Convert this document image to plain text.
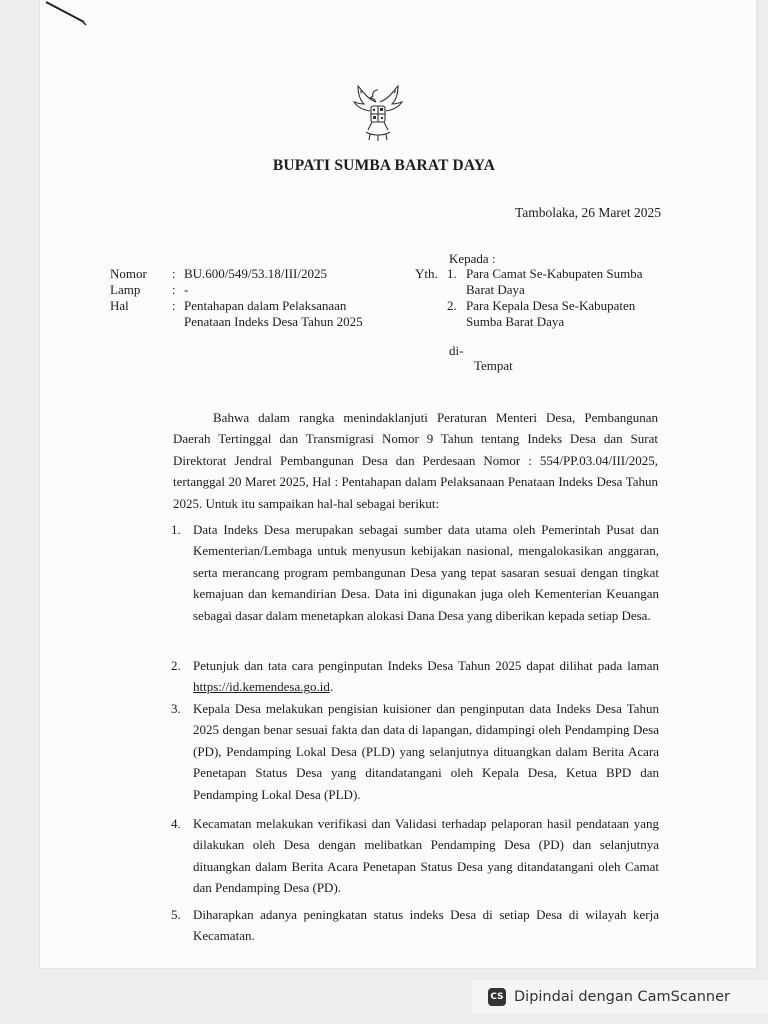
BUPATI SUMBA BARAT DAYA
Tambolaka, 26 Maret 2025
Nomor
Lamp
Hal
:
:
:
BU.600/549/53.18/III/2025
-
Pentahapan dalam Pelaksanaan
Penataan Indeks Desa Tahun 2025
Kepada :
Yth. 1. Para Camat Se-Kabupaten Sumba
Barat Daya
2. Para Kepala Desa Se-Kabupaten
Sumba Barat Daya
di-
Tempat
Bahwa dalam rangka menindaklanjuti Peraturan Menteri Desa, Pembangunan Daerah Tertinggal dan Transmigrasi Nomor 9 Tahun tentang Indeks Desa dan Surat Direktorat Jendral Pembangunan Desa dan Perdesaan Nomor : 554/PP.03.04/III/2025, tertanggal 20 Maret 2025, Hal : Pentahapan dalam Pelaksanaan Penataan Indeks Desa Tahun 2025. Untuk itu sampaikan hal-hal sebagai berikut:
1. Data Indeks Desa merupakan sebagai sumber data utama oleh Pemerintah Pusat dan Kementerian/Lembaga untuk menyusun kebijakan nasional, mengalokasikan anggaran, serta merancang program pembangunan Desa yang tepat sasaran sesuai dengan tingkat kemajuan dan kemandirian Desa. Data ini digunakan juga oleh Kementerian Keuangan sebagai dasar dalam menetapkan alokasi Dana Desa yang diberikan kepada setiap Desa.
2. Petunjuk dan tata cara penginputan Indeks Desa Tahun 2025 dapat dilihat pada laman https://id.kemendesa.go.id.
3. Kepala Desa melakukan pengisian kuisioner dan penginputan data Indeks Desa Tahun 2025 dengan benar sesuai fakta dan data di lapangan, didampingi oleh Pendamping Desa (PD), Pendamping Lokal Desa (PLD) yang selanjutnya dituangkan dalam Berita Acara Penetapan Status Desa yang ditandatangani oleh Kepala Desa, Ketua BPD dan Pendamping Lokal Desa (PLD).
4. Kecamatan melakukan verifikasi dan Validasi terhadap pelaporan hasil pendataan yang dilakukan oleh Desa dengan melibatkan Pendamping Desa (PD) dan selanjutnya dituangkan dalam Berita Acara Penetapan Status Desa yang ditandatangani oleh Camat dan Pendamping Desa (PD).
5. Diharapkan adanya peningkatan status indeks Desa di setiap Desa di wilayah kerja Kecamatan.
CS Dipindai dengan CamScanner
